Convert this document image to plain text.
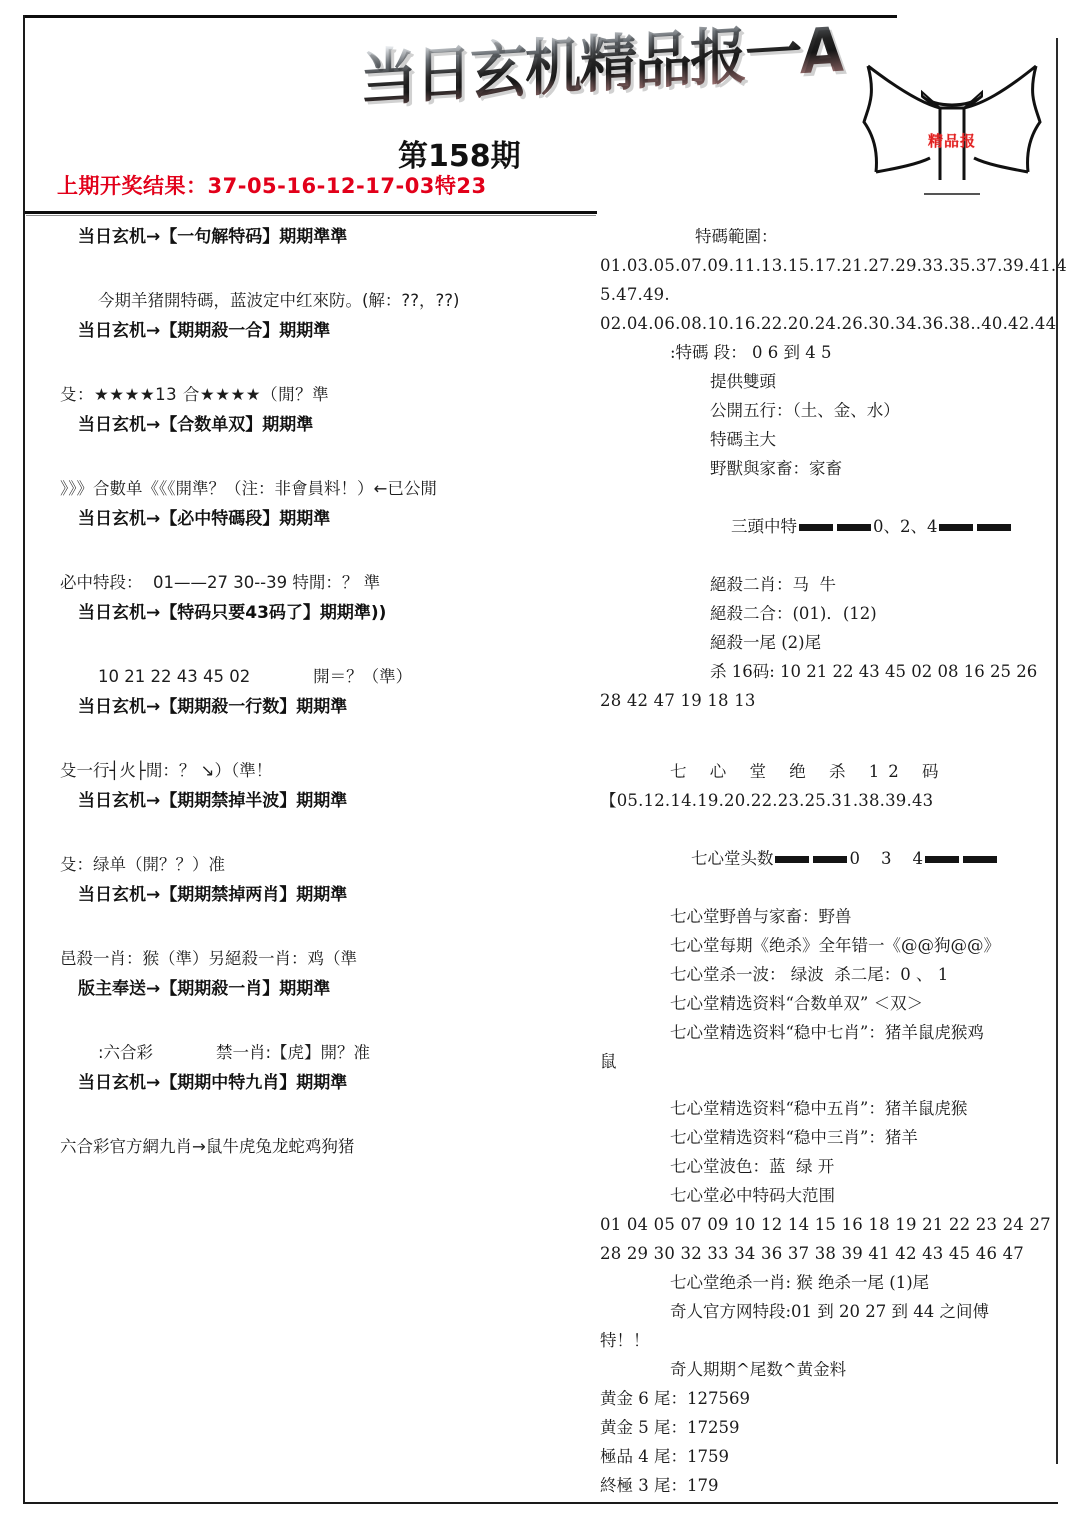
当日玄机精品报一A
精品报
第158期
上期开奖结果：37-05-16-12-17-03特23
当日玄机→【一句解特码】期期準準
今期羊猪開特碼，蓝波定中红來防。(解：??，??)
当日玄机→【期期殺一合】期期準
殳：★★★★13 合★★★★（閒？準
当日玄机→【合数单双】期期準
》》》合數单《《《開準？（注：非會員料！）←已公閒
当日玄机→【必中特碼段】期期準
必中特段：  01——27 30--39 特閒：？ 準
当日玄机→【特码只要43码了】期期準))
10 21 22 43 45 02            開＝？（準）
当日玄机→【期期殺一行数】期期準
殳一行┤火├閒：？ ↘）（準！
当日玄机→【期期禁掉半波】期期準
殳：绿单（開？？）准
当日玄机→【期期禁掉两肖】期期準
邑殺一肖：猴（準）另絕殺一肖：鸡（準
版主奉送→【期期殺一肖】期期準
:六合彩            禁一肖:【虎】開？准
当日玄机→【期期中特九肖】期期準
六合彩官方網九肖→鼠牛虎兔龙蛇鸡狗猪
特碼範圍：
01.03.05.07.09.11.13.15.17.21.27.29.33.35.37.39.41.4
5.47.49.
02.04.06.08.10.16.22.20.24.26.30.34.36.38..40.42.44
:特碼 段： 0 6 到 4 5
提供雙頭
公開五行：（土、金、水）
特碼主大
野獸與家畜：家畜

三頭中特	0、2、4

絕殺二肖：马  牛
絕殺二合：(01)．(12)
絕殺一尾 (2)尾
杀 16码: 10 21 22 43 45 02 08 16 25 26
28 42 47 19 18 13
七 心 堂 绝 杀 12 码
【05.12.14.19.20.22.23.25.31.38.39.43

七心堂头数	0    3    4

七心堂野兽与家畜：野兽
七心堂每期《绝杀》全年错一《@@狗@@》
七心堂杀一波： 绿波  杀二尾：0 、 1
七心堂精选资料“合数单双” ＜双＞
七心堂精选资料“稳中七肖”：猪羊鼠虎猴鸡
鼠
七心堂精选资料“稳中五肖”：猪羊鼠虎猴
七心堂精选资料“稳中三肖”：猪羊
七心堂波色：蓝  绿 开
七心堂必中特码大范围
01 04 05 07 09 10 12 14 15 16 18 19 21 22 23 24 27
28 29 30 32 33 34 36 37 38 39 41 42 43 45 46 47
七心堂绝杀一肖: 猴 绝杀一尾 (1)尾
奇人官方网特段:01 到 20 27 到 44 之间傅
特！！
奇人期期^尾数^黄金料
黄金 6 尾：127569
黄金 5 尾：17259
極品 4 尾：1759
終極 3 尾：179
